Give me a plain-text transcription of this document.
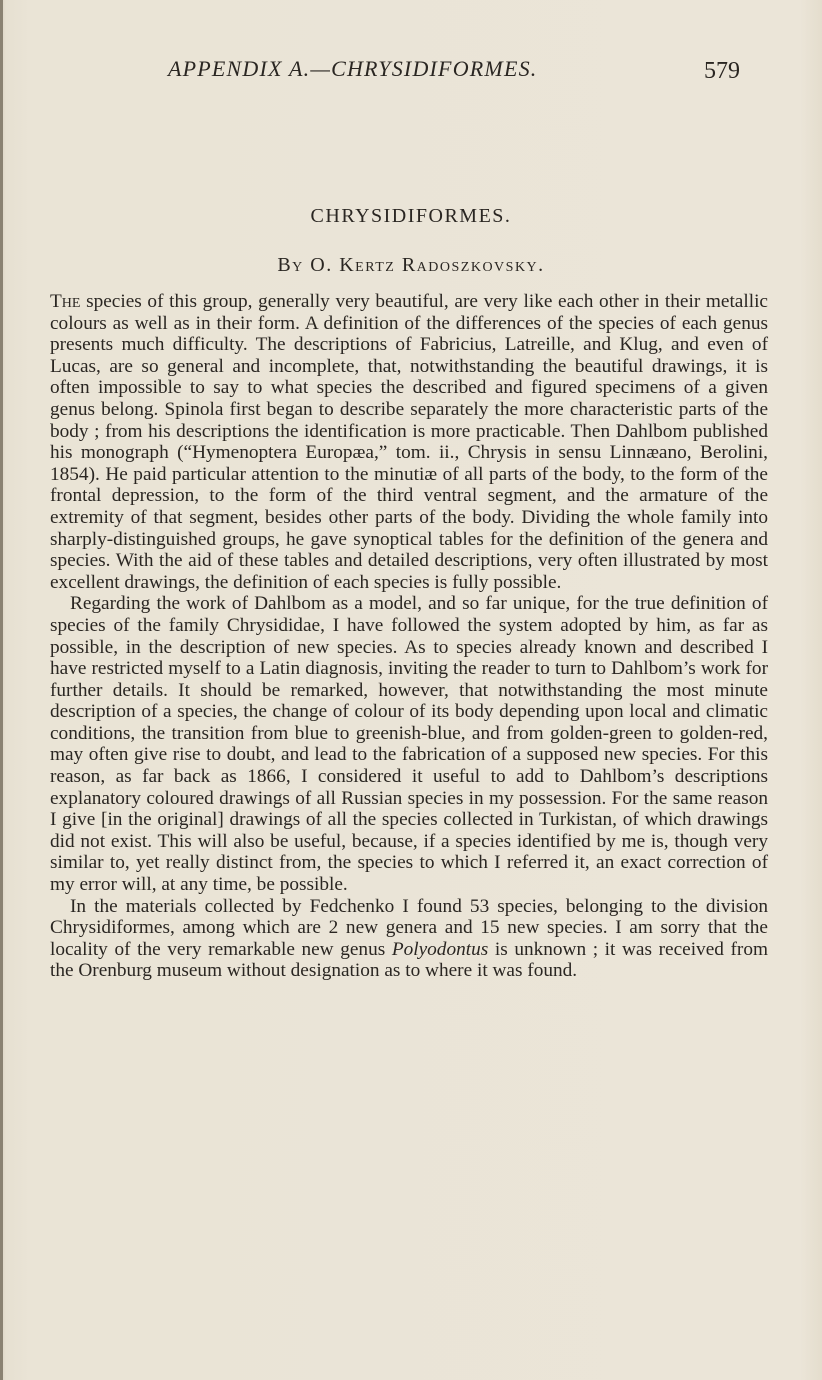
APPENDIX A.—CHRYSIDIFORMES.	579
CHRYSIDIFORMES.
By O. Kertz Radoszkovsky.

The species of this group, generally very beautiful, are very like each other in their metallic colours as well as in their form. A definition of the differences of the species of each genus presents much difficulty. The descriptions of Fabricius, Latreille, and Klug, and even of Lucas, are so general and incomplete, that, notwithstanding the beautiful drawings, it is often impossible to say to what species the described and figured specimens of a given genus belong. Spinola first began to describe separately the more characteristic parts of the body ; from his descriptions the identification is more practicable. Then Dahlbom published his monograph (“Hymenoptera Europæa,” tom. ii., Chrysis in sensu Linnæano, Berolini, 1854). He paid particular attention to the minutiæ of all parts of the body, to the form of the frontal depression, to the form of the third ventral segment, and the armature of the extremity of that segment, besides other parts of the body. Dividing the whole family into sharply-distinguished groups, he gave synoptical tables for the definition of the genera and species. With the aid of these tables and detailed descriptions, very often illustrated by most excellent drawings, the definition of each species is fully possible.

Regarding the work of Dahlbom as a model, and so far unique, for the true definition of species of the family Chrysididae, I have followed the system adopted by him, as far as possible, in the description of new species. As to species already known and described I have restricted myself to a Latin diagnosis, inviting the reader to turn to Dahlbom’s work for further details. It should be remarked, however, that notwithstanding the most minute description of a species, the change of colour of its body depending upon local and climatic conditions, the transition from blue to greenish-blue, and from golden-green to golden-red, may often give rise to doubt, and lead to the fabrication of a supposed new species. For this reason, as far back as 1866, I considered it useful to add to Dahlbom’s descriptions explanatory coloured drawings of all Russian species in my possession. For the same reason I give [in the original] drawings of all the species collected in Turkistan, of which drawings did not exist. This will also be useful, because, if a species identified by me is, though very similar to, yet really distinct from, the species to which I referred it, an exact correction of my error will, at any time, be possible.

In the materials collected by Fedchenko I found 53 species, belonging to the division Chrysidiformes, among which are 2 new genera and 15 new species. I am sorry that the locality of the very remarkable new genus Polyodontus is unknown ; it was received from the Orenburg museum without designation as to where it was found.
